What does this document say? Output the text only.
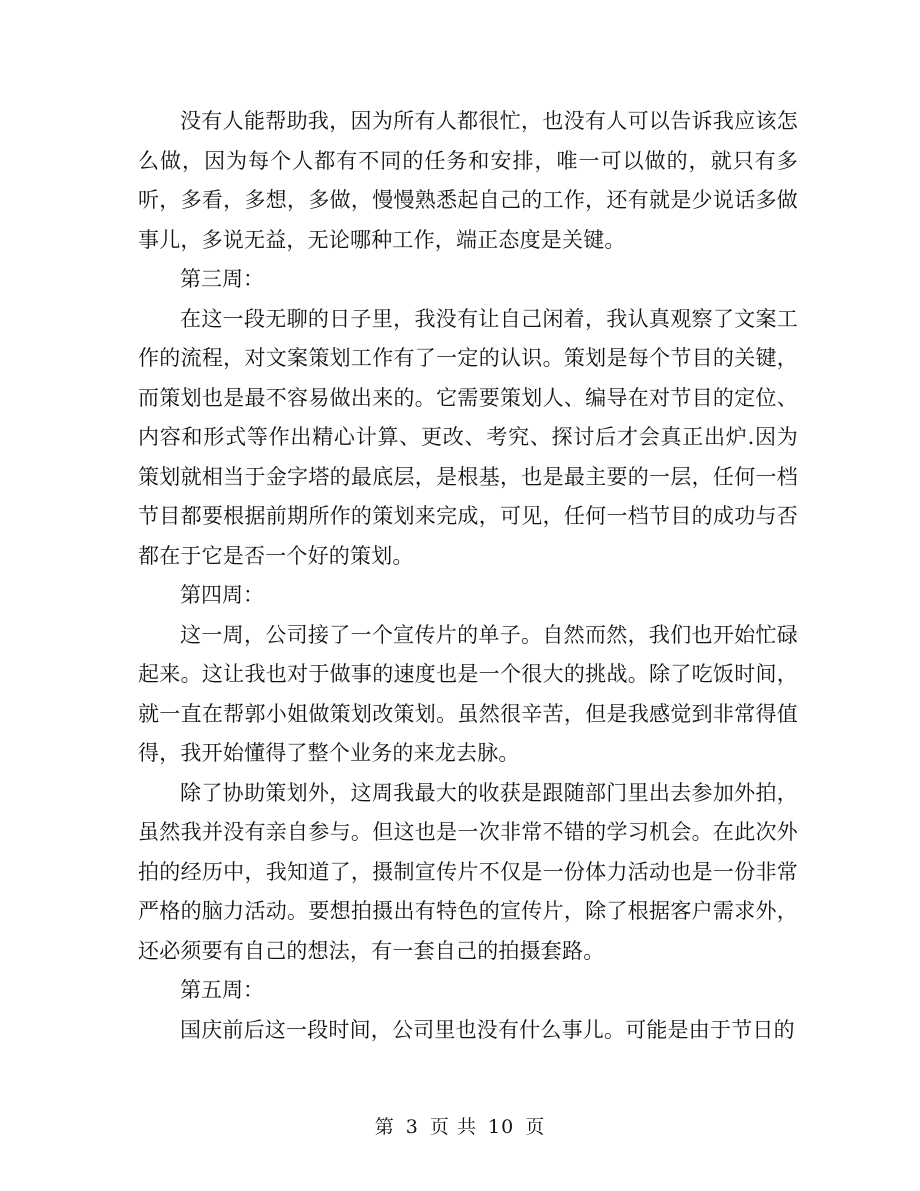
没有人能帮助我，因为所有人都很忙，也没有人可以告诉我应该怎么做，因为每个人都有不同的任务和安排，唯一可以做的，就只有多听，多看，多想，多做，慢慢熟悉起自己的工作，还有就是少说话多做事儿，多说无益，无论哪种工作，端正态度是关键。

第三周：

在这一段无聊的日子里，我没有让自己闲着，我认真观察了文案工作的流程，对文案策划工作有了一定的认识。策划是每个节目的关键，而策划也是最不容易做出来的。它需要策划人、编导在对节目的定位、内容和形式等作出精心计算、更改、考究、探讨后才会真正出炉.因为策划就相当于金字塔的最底层，是根基，也是最主要的一层，任何一档节目都要根据前期所作的策划来完成，可见，任何一档节目的成功与否都在于它是否一个好的策划。

第四周：

这一周，公司接了一个宣传片的单子。自然而然，我们也开始忙碌起来。这让我也对于做事的速度也是一个很大的挑战。除了吃饭时间，就一直在帮郭小姐做策划改策划。虽然很辛苦，但是我感觉到非常得值得，我开始懂得了整个业务的来龙去脉。

除了协助策划外，这周我最大的收获是跟随部门里出去参加外拍，虽然我并没有亲自参与。但这也是一次非常不错的学习机会。在此次外拍的经历中，我知道了，摄制宣传片不仅是一份体力活动也是一份非常严格的脑力活动。要想拍摄出有特色的宣传片，除了根据客户需求外，还必须要有自己的想法，有一套自己的拍摄套路。

第五周：

国庆前后这一段时间，公司里也没有什么事儿。可能是由于节日的

第 3 页 共 10 页
